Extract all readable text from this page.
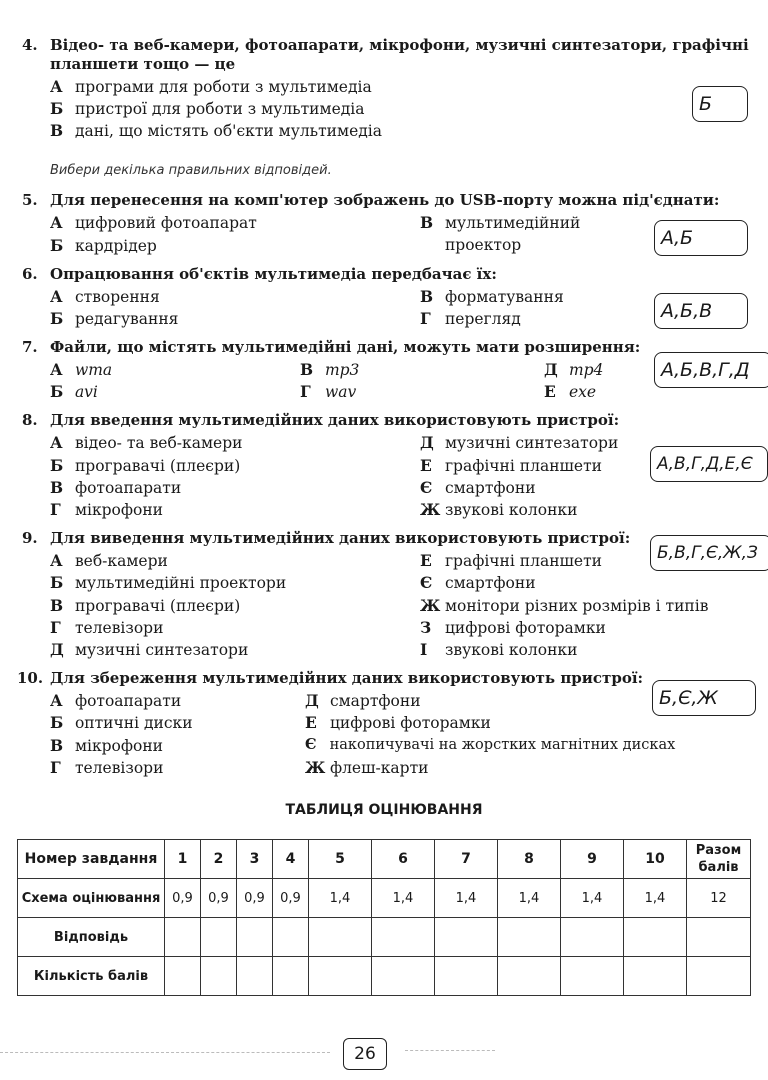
4. Відео- та веб-камери, фотоапарати, мікрофони, музичні синтезатори, графічні
планшети тощо — це
А програми для роботи з мультимедіа
Б пристрої для роботи з мультимедіа
В дані, що містять об'єкти мультимедіа
Б
Вибери декілька правильних відповідей.
5. Для перенесення на комп'ютер зображень до USB-порту можна під'єднати:
А цифровий фотоапарат
Б кардрідер
В мультимедійний
проектор	А,Б
6. Опрацювання об'єктів мультимедіа передбачає їх:
А створення
Б редагування
В форматування
Г перегляд	А,Б,В
7. Файли, що містять мультимедійні дані, можуть мати розширення:
А wma
Б avi
В mp3
Г wav
Д mp4
Е exe
А,Б,В,Г,Д
8. Для введення мультимедійних даних використовують пристрої:
А відео- та веб-камери
Б програвачі (плеєри)
В фотоапарати
Г мікрофони
Д музичні синтезатори
Е графічні планшети
Є смартфони
Ж звукові колонки
А,В,Г,Д,Е,Є
9. Для виведення мультимедійних даних використовують пристрої:
А веб-камери
Б мультимедійні проектори
В програвачі (плеєри)
Г телевізори
Д музичні синтезатори
Е графічні планшети
Є смартфони
Ж монітори різних розмірів і типів
З цифрові фоторамки
І звукові колонки
Б,В,Г,Є,Ж,З
10. Для збереження мультимедійних даних використовують пристрої:
А фотоапарати
Б оптичні диски
В мікрофони
Г телевізори
Д смартфони
Е цифрові фоторамки
Є накопичувачі на жорстких магнітних дисках
Ж флеш-карти
Б,Є,Ж
ТАБЛИЦЯ ОЦІНЮВАННЯ
Номер завдання	1	2	3	4	5	6	7	8	9	10	Разом балів
Схема оцінювання	0,9	0,9	0,9	0,9	1,4	1,4	1,4	1,4	1,4	1,4	12
Відповідь											
Кількість балів											
26
